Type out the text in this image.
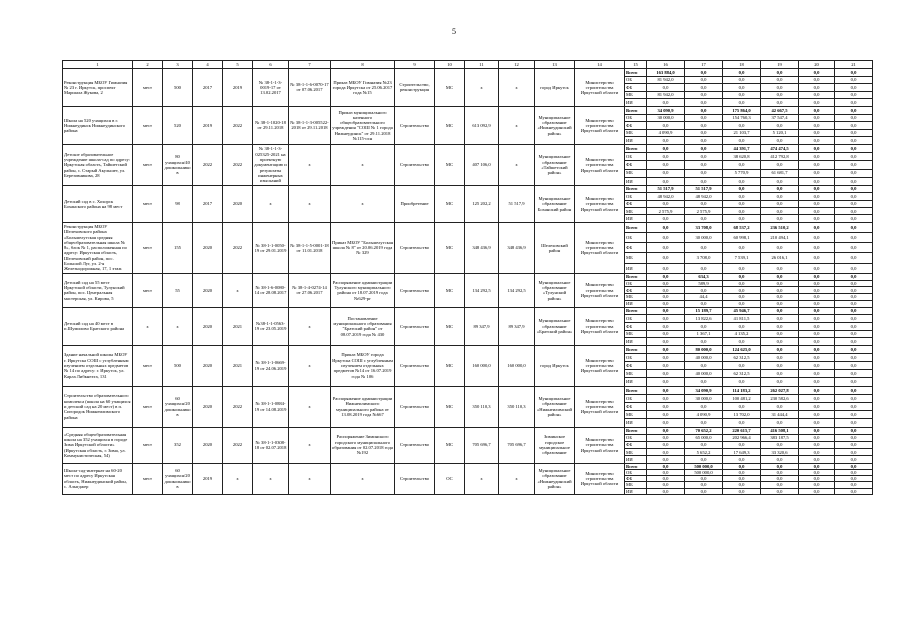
5
1	2	3	4	5	6	7	8	9	10	11	12	13	14	15	16	17	18	19	20	21
Реконструкция МБОУ Гимназия № 23 г. Иркутск, проспект Маршала Жукова, 2	мест	500	2017	2019	№ 38-1-1-3-0019-17 от 13.02.2017	№ 38-1-1-6-0070-17 от 07.06.2017	Приказ МБОУ Гимназия №23 города Иркутска от 25.06.2017 года №15	Строительство, реконструкция	МС	x	x	город Иркутск	Министерство строительства Иркутской области	Всего	163 884,0	0,0	0,0	0,0	0,0	0,0
														ОБ	81 942,0	0,0	0,0	0,0	0,0	0,0
														ФБ	0,0	0,0	0,0	0,0	0,0	0,0
														МБ	81 942,0	0,0	0,0	0,0	0,0	0,0
														ИИ	0,0	0,0	0,0	0,0	0,0	0,0
Школа на 520 учащихся в г. Нижнеудинск Нижнеудинского района	мест	520	2019	2022	№ 38-1-1020-18 от 29.11.2018	№ 38-1-1-3-005522-2018 от 29.11.2018	Приказ муниципального казенного общеобразовательного учреждения "СОШ № 1 города Нижнеудинск" от 29.11.2018 №115-осн	Строительство	МС	613 092,9	x	Муниципальное образование «Нижнеудинский район»	Министерство строительства Иркутской области	Всего	34 090,9	0,0	175 864,0	42 667,5	0,0	0,0
														ОБ	30 000,0	0,0	154 760,3	37 547,4	0,0	0,0
														ФБ	0,0	0,0	0,0	0,0	0,0	0,0
														МБ	4 090,9	0,0	21 103,7	5 120,1	0,0	0,0
														ИИ	0,0	0,0	0,0	0,0	0,0	0,0
Детское образовательное учреждение школа-сад по адресу: Иркутская область, Тайшетский район, с. Старый Акульшет, ул. Березовникова, 28	мест	80 учащихся/40 дошкольников	2022	2022	№ 38-1-1-3-025325-2021 на проектную документацию и результаты инженерных изысканий	x	x	Строительство	МС	407 106,0	x	Муниципальное образование «Тайшетский район»	Министерство строительства Иркутской области	Всего	0,0	0,0	44 391,7	474 474,5	0,0	0,0
														ОБ	0,0	0,0	38 620,8	412 792,8	0,0	0,0
														ФБ	0,0	0,0	0,0	0,0	0,0	0,0
														МБ	0,0	0,0	5 770,9	61 681,7	0,0	0,0
														ИИ	0,0	0,0	0,0	0,0	0,0	0,0
Детский сад в с. Хохорск Боханского района на 98 мест	мест	98	2017	2020	x	x	x	Приобретение	МС	125 202,2	51 517,9	Муниципальное образование Боханский район	Министерство строительства Иркутской области	Всего	51 517,9	51 517,9	0,0	0,0	0,0	0,0
														ОБ	48 942,0	48 942,0	0,0	0,0	0,0	0,0
														ФБ	0,0	0,0	0,0	0,0	0,0	0,0
														МБ	2 575,9	2 575,9	0,0	0,0	0,0	0,0
														ИИ	0,0	0,0	0,0	0,0	0,0	0,0
Реконструкция МБОУ Шелеховского района «Большелугская средняя общеобразовательная школа № 8», блок № 1, расположенная по адресу: Иркутская область, Шелеховский район, пос. Большой Луг, ул. 2-я Железнодорожная, 17, 1 этаж	мест	155	2020	2022	№ 38-1-1-0050-19 от 29.01.2019	№ 38-1-1-5-0001-18 от 11.01.2018	Приказ МБОУ "Большелугская школа № 8" от 20.06.2019 года № 329	Строительство	МС	348 436,9	348 436,9	Шелеховский район	Министерство строительства Иркутской области	Всего	0,0	33 708,0	68 537,2	236 510,2	0,0	0,0
														ОБ	0,0	30 000,0	60 998,1	210 494,1	0,0	0,0
														ФБ	0,0	0,0	0,0	0,0	0,0	0,0
														МБ	0,0	3 708,0	7 539,1	26 016,1	0,0	0,0
														ИИ	0,0	0,0	0,0	0,0	0,0	0,0
Детский сад на 55 мест Иркутской области, Тулунский район, пос. Центральная мастерская, ул. Кирова, 5	мест	55	2020	x	№ 38-1-6-0080-14 от 28.08.2017	№ 38-1-4-0274-14 от 27.06.2017	Распоряжение администрации Тулунского муниципального района от 18.07.2019 года №629-рг	Строительство	МС	134 292,5	134 292,5	Муниципальное образование «Тулунский район»	Министерство строительства Иркутской области	Всего	0,0	634,3	0,0	0,0	0,0	0,0
														ОБ	0,0	589,9	0,0	0,0	0,0	0,0
														ФБ	0,0	0,0	0,0	0,0	0,0	0,0
														МБ	0,0	44,4	0,0	0,0	0,0	0,0
														ИИ	0,0	0,0	0,0	0,0	0,0	0,0
Детский сад на 40 мест в п.Шумилово Братского района	x	x	2020	2021	№38-1-1-0563-19 от 23.05.2019	x	Постановление муниципального образования "Братский район" от 08.07.2019 года № 430	Строительство	МС	89 347,9	89 347,9	Муниципальное образование «Братский район»	Министерство строительства Иркутской области	Всего	0,0	15 189,7	45 946,7	0,0	0,0	0,0
														ОБ	0,0	13 822,6	41 811,5	0,0	0,0	0,0
														ФБ	0,0	0,0	0,0	0,0	0,0	0,0
														МБ	0,0	1 367,1	4 135,2	0,0	0,0	0,0
														ИИ	0,0	0,0	0,0	0,0	0,0	0,0
Здание начальной школы МБОУ г. Иркутска СОШ с углубленным изучением отдельных предметов № 14 по адресу: г. Иркутск, ул. Карла Либкнехта, 131	мест	500	2020	2021	№ 38-1-1-0669-19 от 24.06.2019	x	Приказ МБОУ города Иркутска СОШ с углубленным изучением отдельных предметов №14 от 16.07.2019 года № 106	Строительство	МС	160 000,0	160 000,0	город Иркутск	Министерство строительства Иркутской области	Всего	0,0	80 000,0	124 625,0	0,0	0,0	0,0
														ОБ	0,0	40 000,0	62 312,5	0,0	0,0	0,0
														ФБ	0,0	0,0	0,0	0,0	0,0	0,0
														МБ	0,0	40 000,0	62 312,5	0,0	0,0	0,0
														ИИ	0,0	0,0	0,0	0,0	0,0	0,0
Строительство образовательного комплекса (школа на 60 учащихся и детский сад на 20 мест) в п. Сигородок Нижнеилимского района	мест	60 учащихся/20 дошкольников	2020	2022	№ 38-1-1-0884-19 от 14.08.2019	x	Распоряжение администрации Нижнеилимского муниципального района от 13.08.2019 года №667	Строительство	МС	350 110,3	350 110,3	Муниципальное образование «Нижнеилимский район»	Министерство строительства Иркутской области	Всего	0,0	34 090,9	114 183,2	262 027,8	0,0	0,0
														ОБ	0,0	30 000,0	100 481,2	230 582,6	0,0	0,0
														ФБ	0,0	0,0	0,0	0,0	0,0	0,0
														МБ	0,0	4 090,9	13 702,0	31 444,4	0,0	0,0
														ИИ	0,0	0,0	0,0	0,0	0,0	0,0
«Средняя общеобразовательная школа на 352 учащихся в городе Зима Иркутской области» (Иркутская область, г. Зима, ул. Коммунистическая, 54)	мест	352	2020	2022	№ 38-1-1-0308-18 от 02.07.2018	x	Распоряжение Зиминского городского муниципального образования от 02.07.2018 года №192	Строительство	МС	705 696,7	705 696,7	Зиминское городское муниципальное образование	Министерство строительства Иркутской области	Всего	0,0	70 652,2	220 615,7	416 508,1	0,0	0,0
														ОБ	0,0	65 000,0	202 966,4	383 187,5	0,0	0,0
														ФБ	0,0	0,0	0,0	0,0	0,0	0,0
														МБ	0,0	5 652,2	17 649,3	33 320,6	0,0	0,0
														ИИ	0,0	0,0	0,0	0,0	0,0	0,0
Школа-сад-интернат на 60-20 мест по адресу Иркутская область, Нижнеудинский район, с. Алыгджер	мест	60 учащихся/20 дошкольников	2019	x	x	x	x	Строительство	ОС	x	x	Муниципальное образование «Нижнеудинский район»	Министерство строительства Иркутской области	Всего	0,0	500 000,0	0,0	0,0	0,0	0,0
														ОБ	0,0	500 000,0	0,0	0,0	0,0	0,0
														ФБ	0,0	0,0	0,0	0,0	0,0	0,0
														МБ	0,0	0,0	0,0	0,0	0,0	0,0
														ИИ	0,0	0,0	0,0	0,0	0,0	0,0
